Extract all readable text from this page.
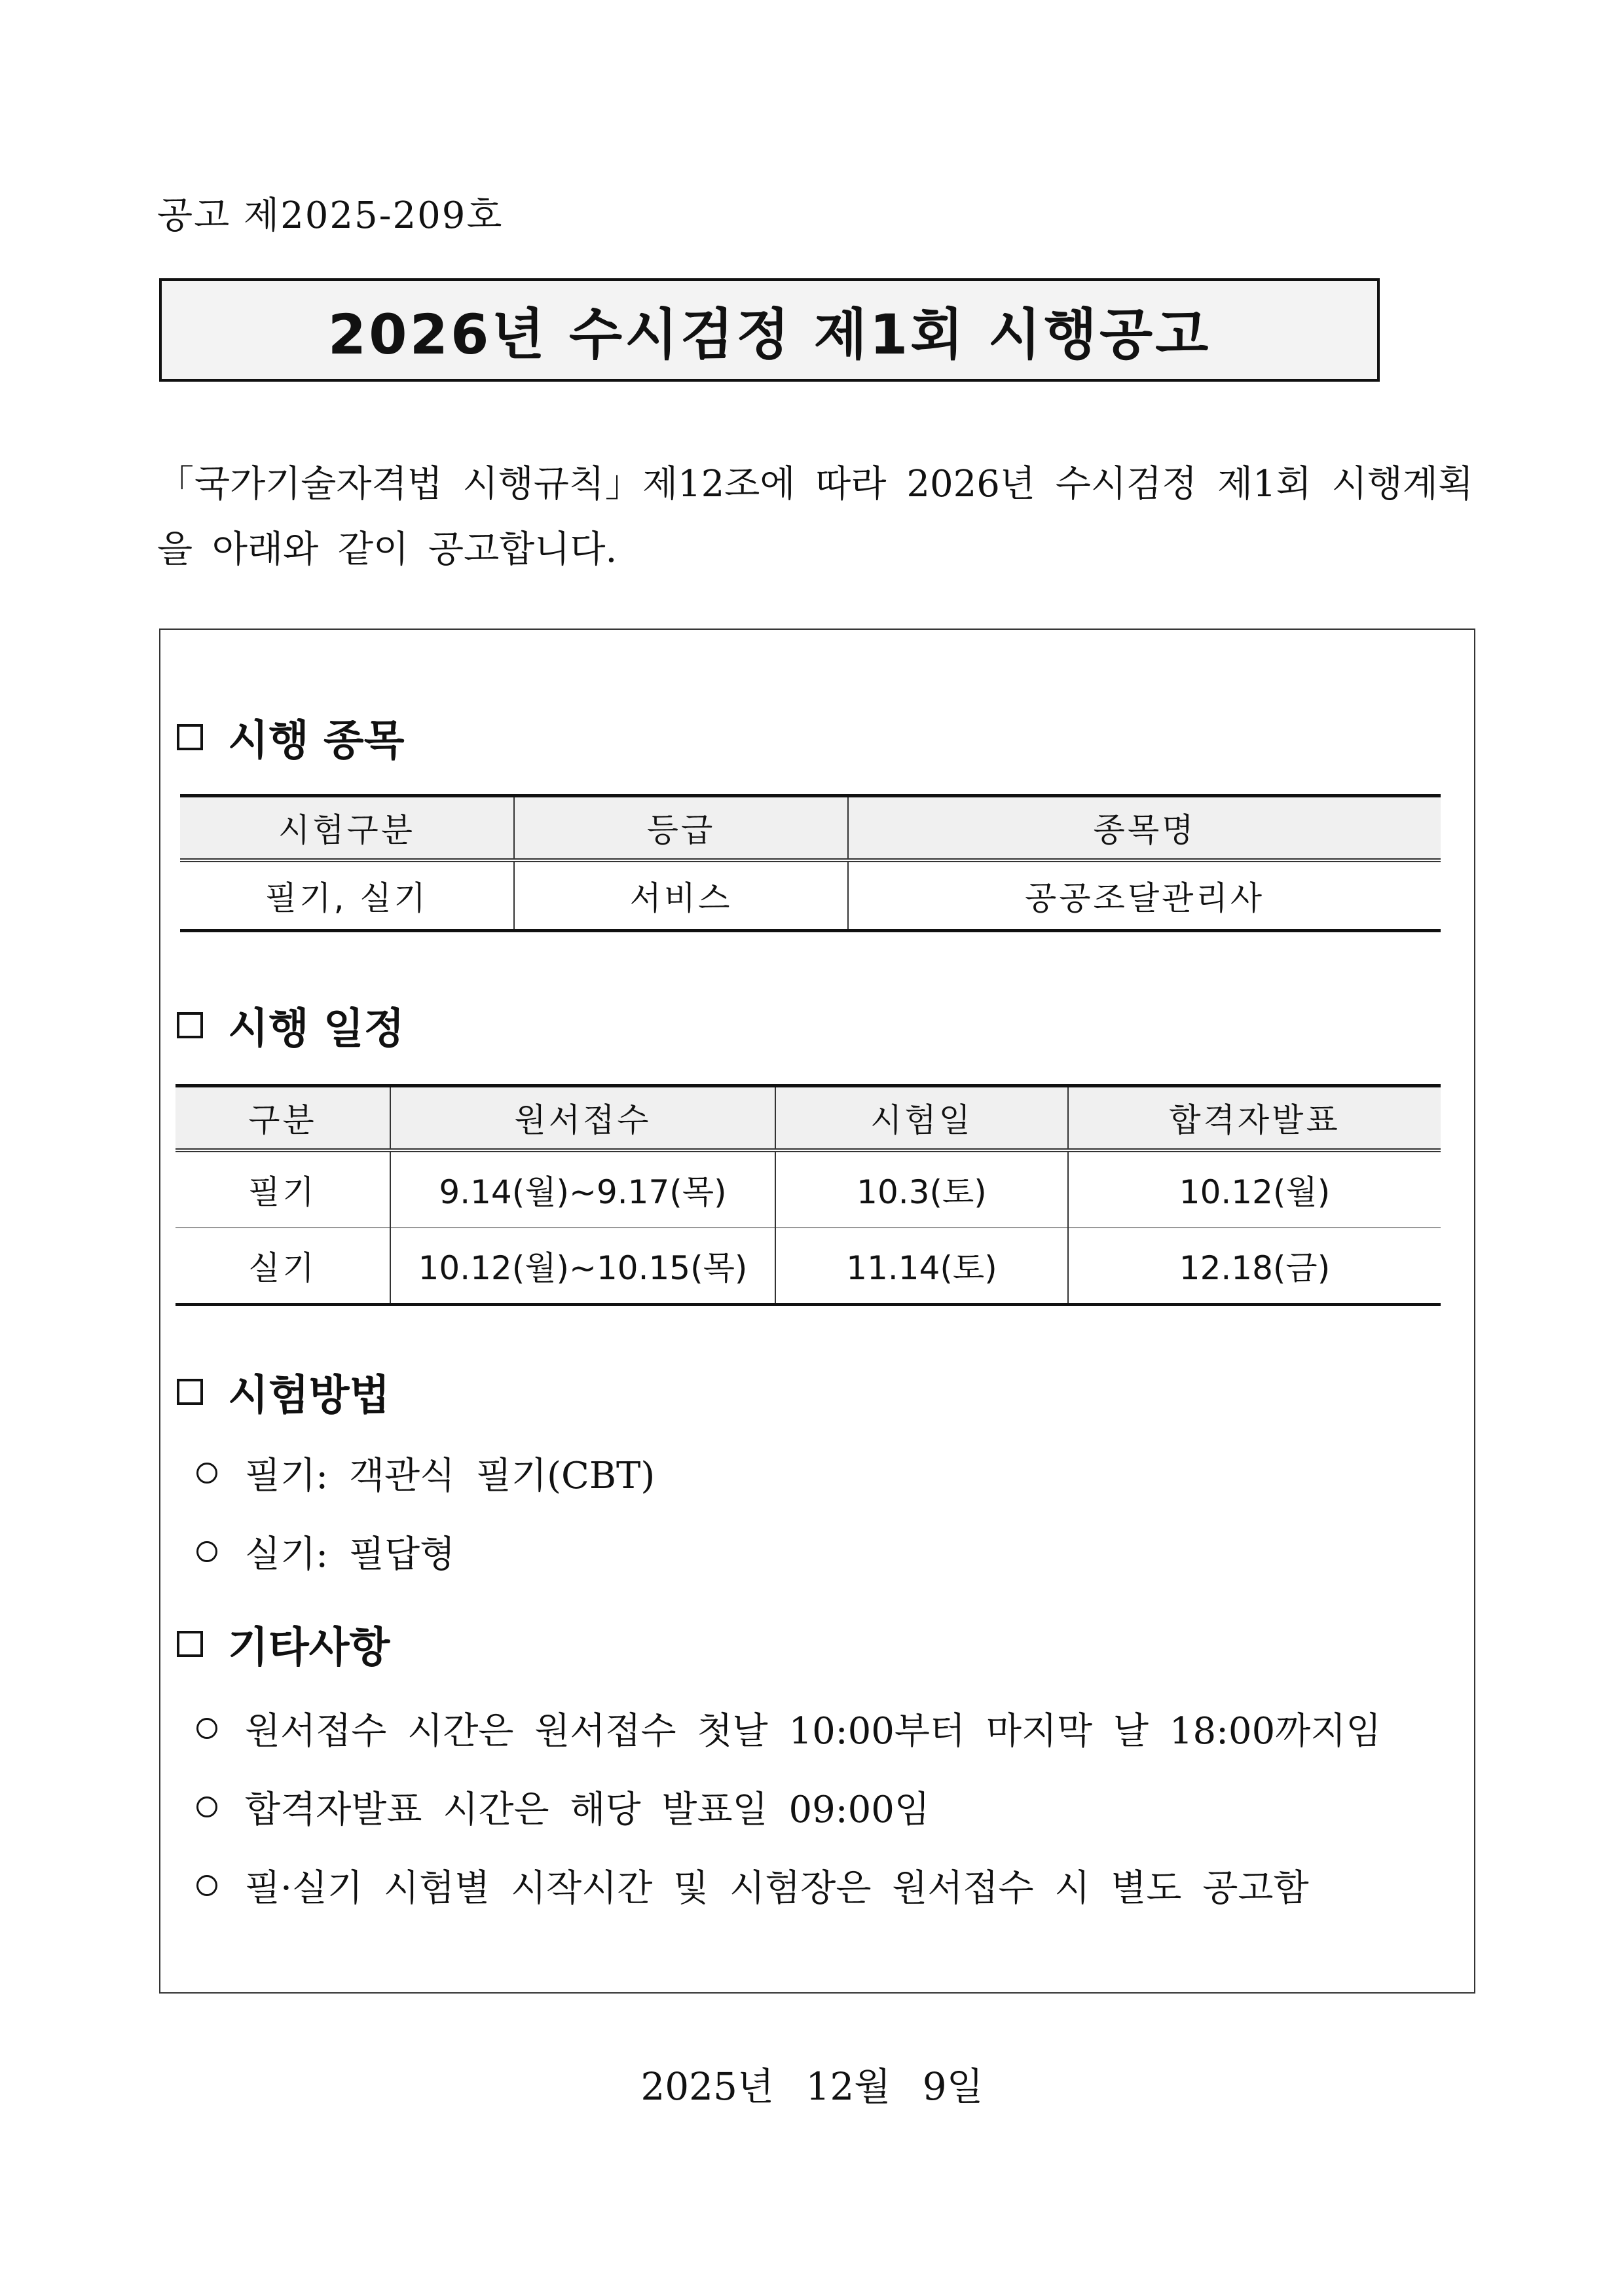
공고 제2025-209호
2026년 수시검정 제1회 시행공고
「국가기술자격법 시행규칙」제12조에 따라 2026년 수시검정 제1회 시행계획을 아래와 같이 공고합니다.
시행 종목
시험구분	등급	종목명
필기, 실기	서비스	공공조달관리사
시행 일정
구분	원서접수	시험일	합격자발표
필기	9.14(월)~9.17(목)	10.3(토)	10.12(월)
실기	10.12(월)~10.15(목)	11.14(토)	12.18(금)
시험방법
필기: 객관식 필기(CBT)
실기: 필답형
기타사항
원서접수 시간은 원서접수 첫날 10:00부터 마지막 날 18:00까지임
합격자발표 시간은 해당 발표일 09:00임
필·실기 시험별 시작시간 및 시험장은 원서접수 시 별도 공고함
2025년 12월 9일
